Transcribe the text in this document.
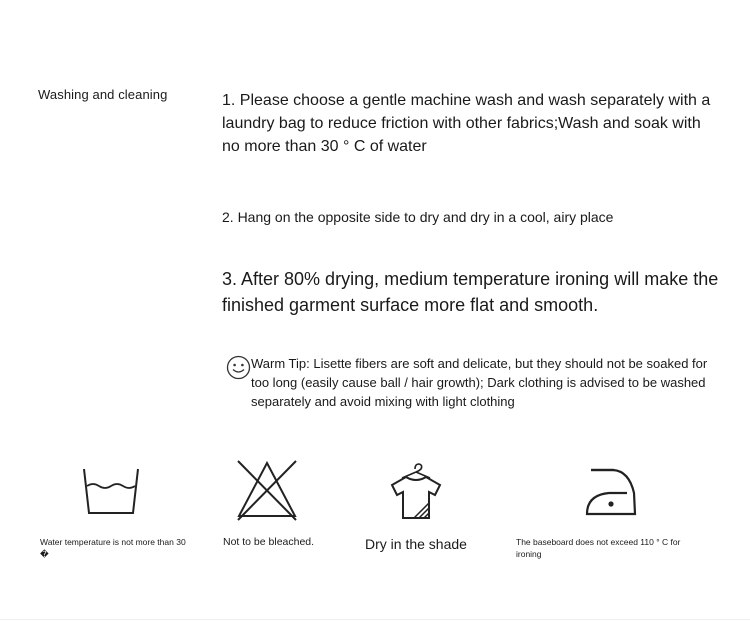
Washing and cleaning	1. Please choose a gentle machine wash and wash separately with a laundry bag to reduce friction with other fabrics;Wash and soak with no more than 30 ° C of water
2. Hang on the opposite side to dry and dry in a cool, airy place
3. After 80% drying, medium temperature ironing will make the finished garment surface more flat and smooth.
Warm Tip: Lisette fibers are soft and delicate, but they should not be soaked for too long (easily cause ball / hair growth); Dark clothing is advised to be washed separately and avoid mixing with light clothing
Water temperature is not more than 30 �
Not to be bleached.	Dry in the shade	The baseboard does not exceed 110 ° C for ironing
